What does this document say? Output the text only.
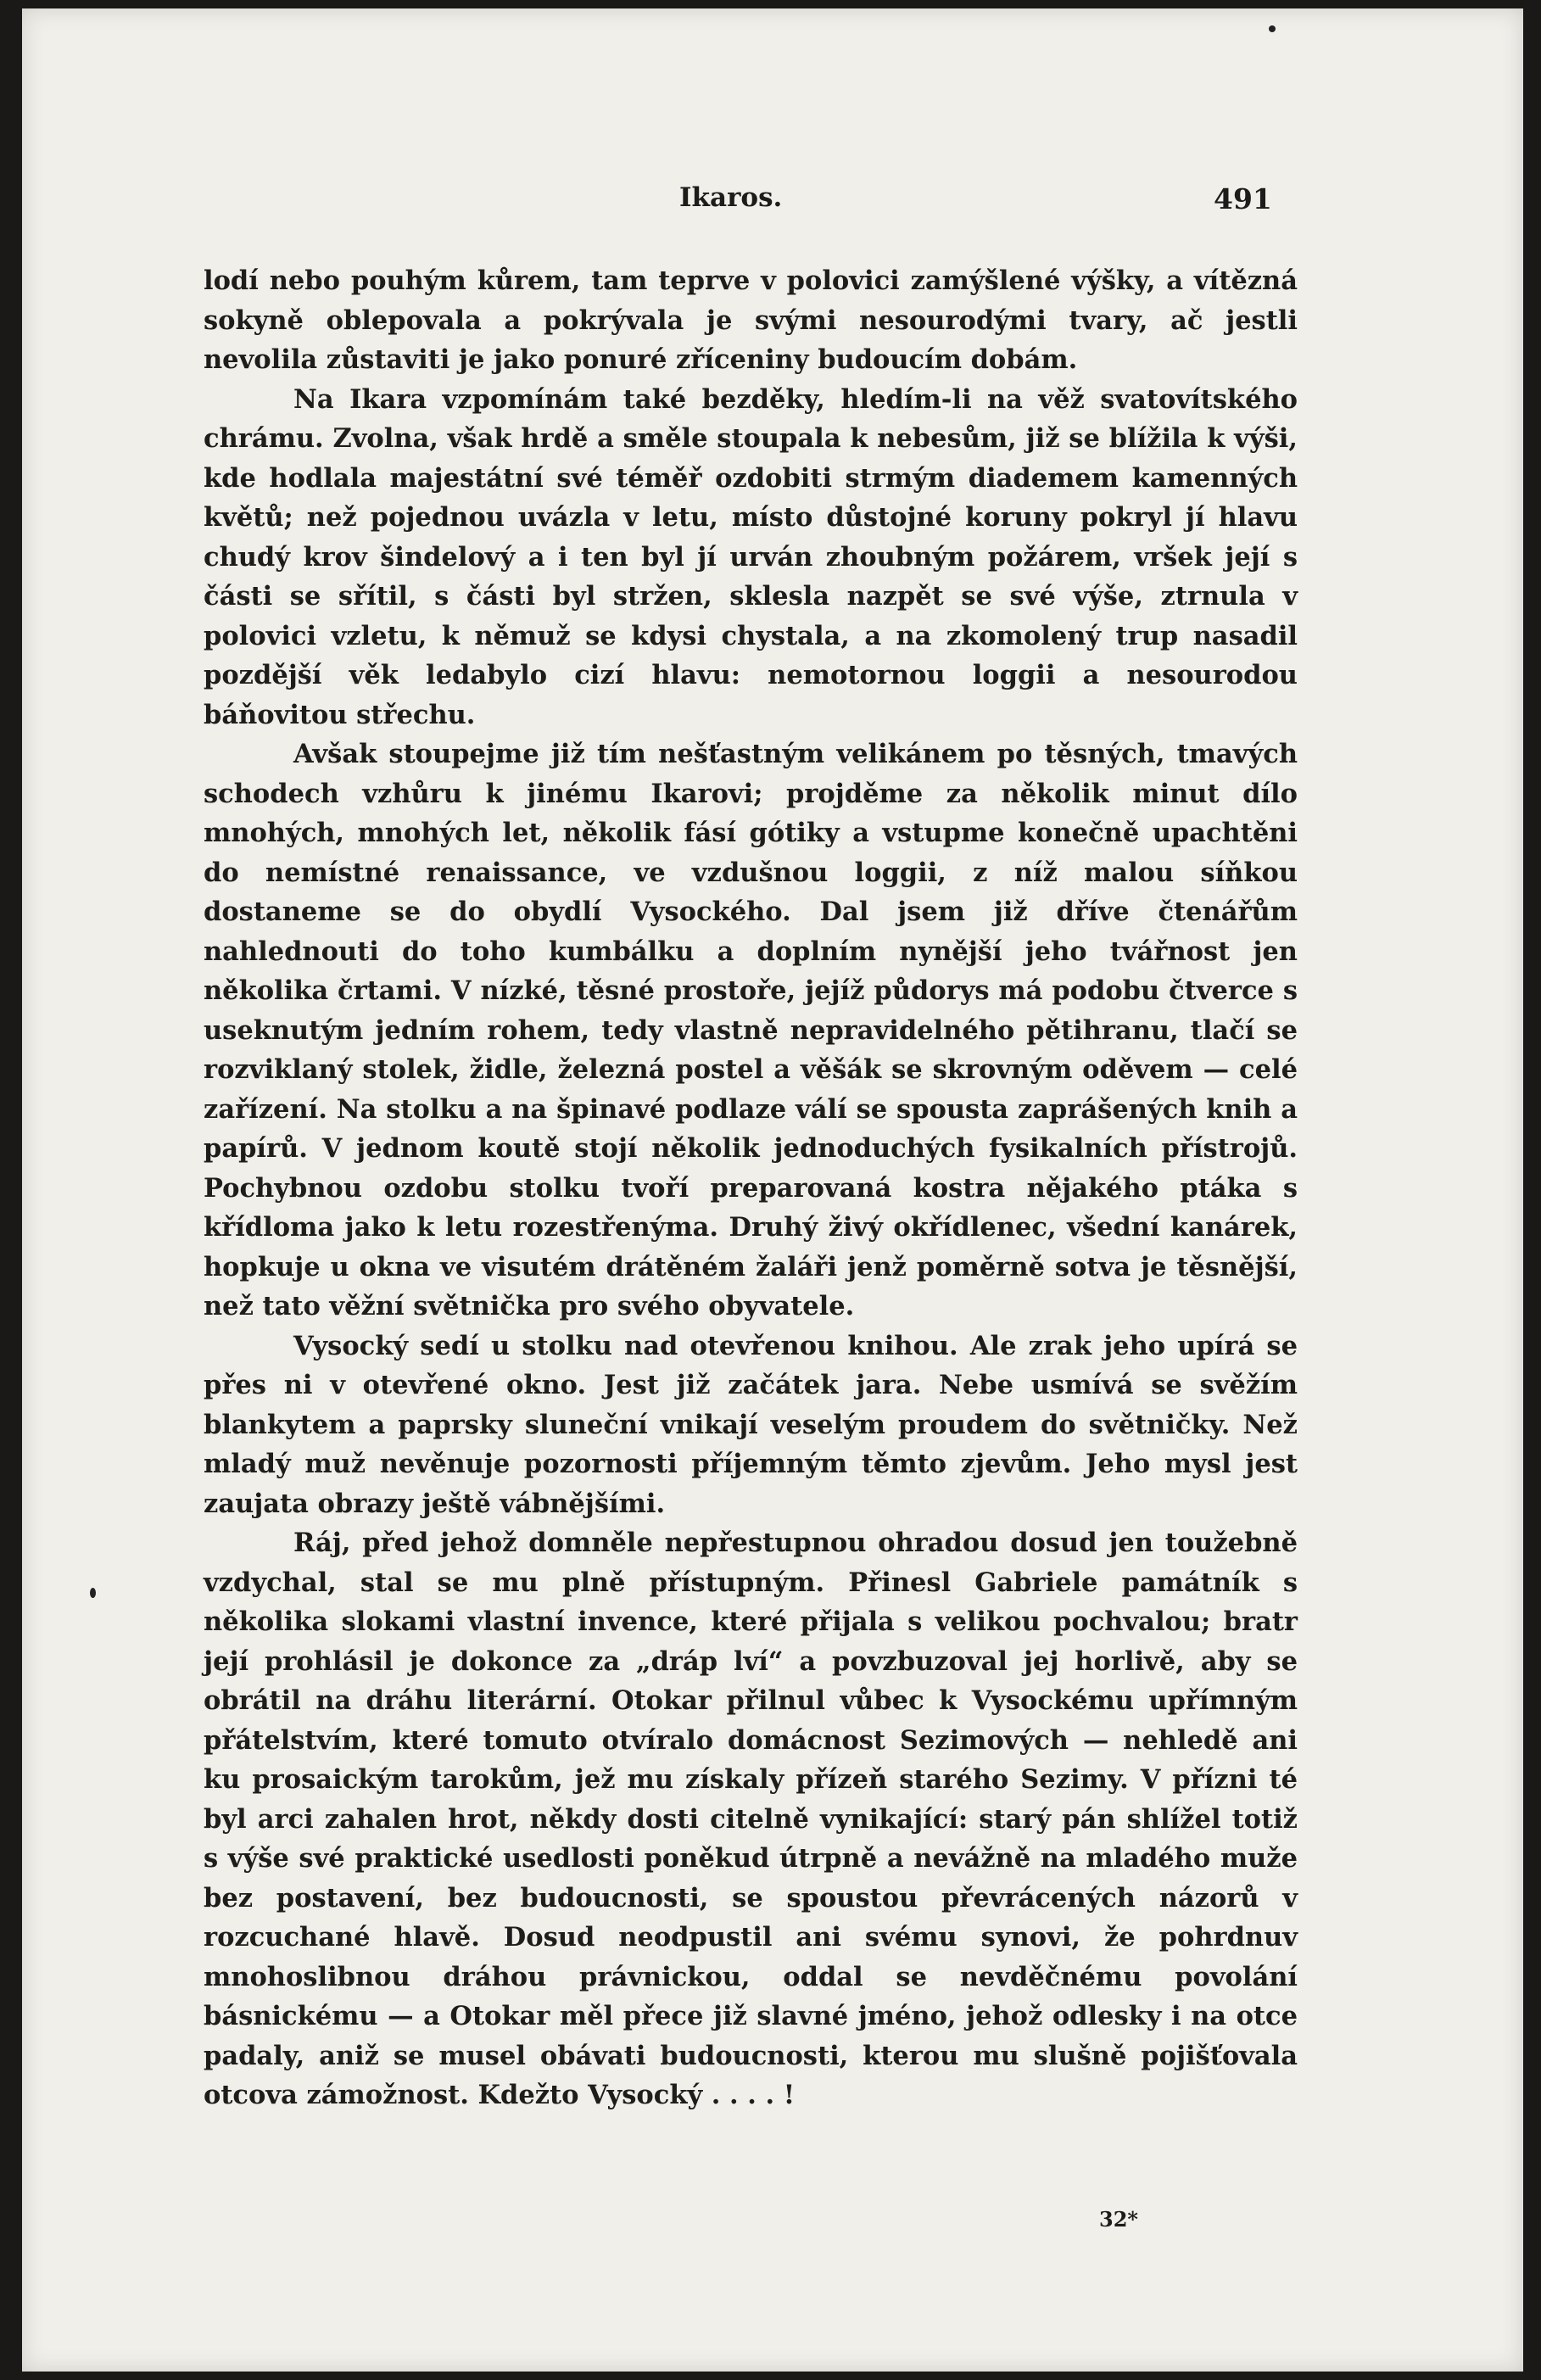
Ikaros.	491

lodí nebo pouhým kůrem, tam teprve v polovici zamýšlené výšky, a vítězná sokyně oblepovala a pokrývala je svými nesourodými tvary, ač jestli nevolila zůstaviti je jako ponuré zříceniny budoucím dobám.

Na Ikara vzpomínám také bezděky, hledím-li na věž svatovítského chrámu. Zvolna, však hrdě a směle stoupala k nebesům, již se blížila k výši, kde hodlala majestátní své téměř ozdobiti strmým diademem kamenných květů; než pojednou uvázla v letu, místo důstojné koruny pokryl jí hlavu chudý krov šindelový a i ten byl jí urván zhoubným požárem, vršek její s části se sřítil, s části byl stržen, sklesla nazpět se své výše, ztrnula v polovici vzletu, k němuž se kdysi chystala, a na zkomolený trup nasadil pozdější věk ledabylo cizí hlavu: nemotornou loggii a nesourodou báňovitou střechu.

Avšak stoupejme již tím nešťastným velikánem po těsných, tmavých schodech vzhůru k jinému Ikarovi; projděme za několik minut dílo mnohých, mnohých let, několik fásí gótiky a vstupme konečně upachtěni do nemístné renaissance, ve vzdušnou loggii, z níž malou síňkou dostaneme se do obydlí Vysockého. Dal jsem již dříve čtenářům nahlednouti do toho kumbálku a doplním nynější jeho tvářnost jen několika črtami. V nízké, těsné prostoře, jejíž půdorys má podobu čtverce s useknutým jedním rohem, tedy vlastně nepravidelného pětihranu, tlačí se rozviklaný stolek, židle, železná postel a věšák se skrovným oděvem — celé zařízení. Na stolku a na špinavé podlaze válí se spousta zaprášených knih a papírů. V jednom koutě stojí několik jednoduchých fysikalních přístrojů. Pochybnou ozdobu stolku tvoří preparovaná kostra nějakého ptáka s křídloma jako k letu rozestřenýma. Druhý živý okřídlenec, všední kanárek, hopkuje u okna ve visutém drátěném žaláři jenž poměrně sotva je těsnější, než tato věžní světnička pro svého obyvatele.

Vysocký sedí u stolku nad otevřenou knihou. Ale zrak jeho upírá se přes ni v otevřené okno. Jest již začátek jara. Nebe usmívá se svěžím blankytem a paprsky sluneční vnikají veselým proudem do světničky. Než mladý muž nevěnuje pozornosti příjemným těmto zjevům. Jeho mysl jest zaujata obrazy ještě vábnějšími.

Ráj, před jehož domněle nepřestupnou ohradou dosud jen toužebně vzdychal, stal se mu plně přístupným. Přinesl Gabriele památník s několika slokami vlastní invence, které přijala s velikou pochvalou; bratr její prohlásil je dokonce za „dráp lví“ a povzbuzoval jej horlivě, aby se obrátil na dráhu literární. Otokar přilnul vůbec k Vysockému upřímným přátelstvím, které tomuto otvíralo domácnost Sezimových — nehledě ani ku prosaickým tarokům, jež mu získaly přízeň starého Sezimy. V přízni té byl arci zahalen hrot, někdy dosti citelně vynikající: starý pán shlížel totiž s výše své praktické usedlosti poněkud útrpně a nevážně na mladého muže bez postavení, bez budoucnosti, se spoustou převrácených názorů v rozcuchané hlavě. Dosud neodpustil ani svému synovi, že pohrdnuv mnohoslibnou dráhou právnickou, oddal se nevděčnému povolání básnickému — a Otokar měl přece již slavné jméno, jehož odlesky i na otce padaly, aniž se musel obávati budoucnosti, kterou mu slušně pojišťovala otcova zámožnost. Kdežto Vysocký . . . . !

32*
